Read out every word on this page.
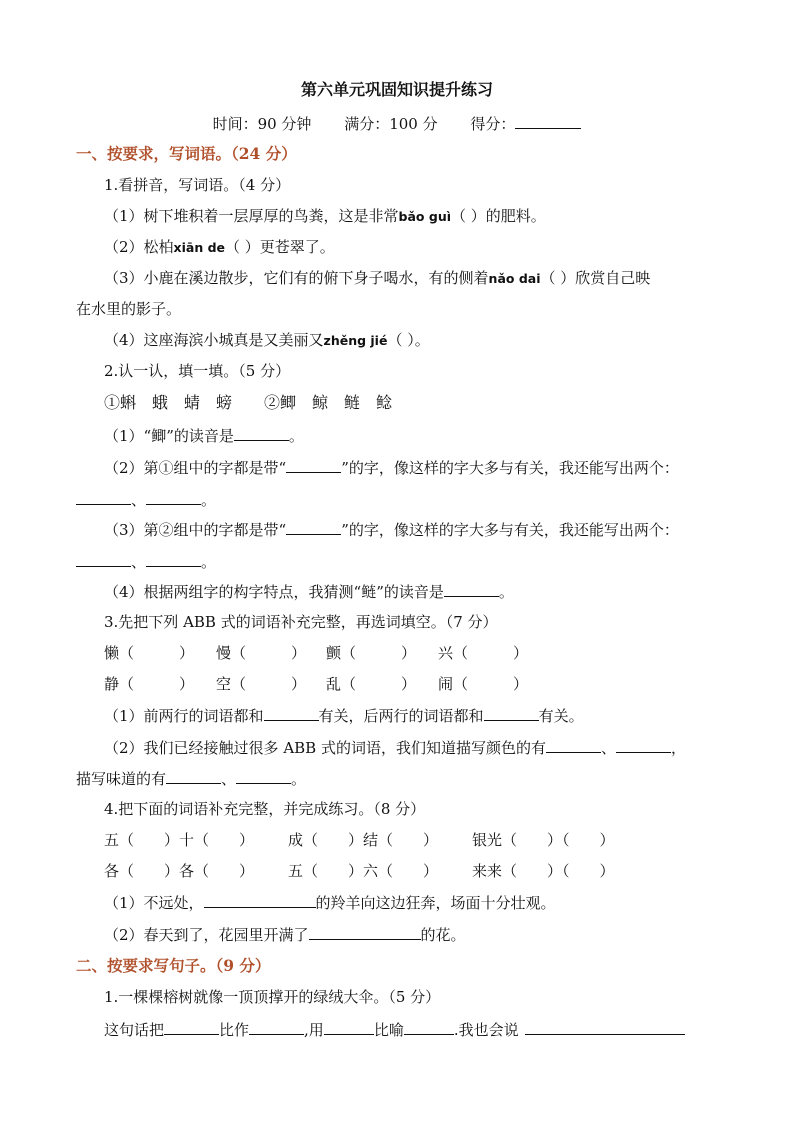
第六单元巩固知识提升练习
时间：90 分钟 满分：100 分 得分：
一、按要求，写词语。（24 分）
1.看拼音，写词语。（4 分）
（1）树下堆积着一层厚厚的鸟粪，这是非常bǎo guì（ ）的肥料。
（2）松柏xiān de（ ）更苍翠了。
（3）小鹿在溪边散步，它们有的俯下身子喝水，有的侧着nǎo dai（ ）欣赏自己映
在水里的影子。
（4）这座海滨小城真是又美丽又zhěng jié（ ）。
2.认一认，填一填。（5 分）
①蝌　蛾　蜻　螃　　②鲫　鲸　鲢　鲶
（1）“鲫”的读音是	。
（2）第①组中的字都是带“	”的字，像这样的字大多与有关，我还能写出两个：
、	。
（3）第②组中的字都是带“	”的字，像这样的字大多与有关，我还能写出两个：
、	。
（4）根据两组字的构字特点，我猜测“鲢”的读音是	。
3.先把下列 ABB 式的词语补充完整，再选词填空。（7 分）
懒（　　　） 慢（　　　） 颤（　　　） 兴（　　　）
静（　　　） 空（　　　） 乱（　　　） 闹（　　　）
（1）前两行的词语都和	有关，后两行的词语都和	有关。
（2）我们已经接触过很多 ABB 式的词语，我们知道描写颜色的有	、	，
描写味道的有	、	。
4.把下面的词语补充完整，并完成练习。（8 分）
五（　　）十（　　） 成（　　）结（　　） 银光（　　）（　　）
各（　　）各（　　） 五（　　）六（　　） 来来（　　）（　　）
（1）不远处，	的羚羊向这边狂奔，场面十分壮观。
（2）春天到了，花园里开满了	的花。
二、按要求写句子。（9 分）
1.一棵棵榕树就像一顶顶撑开的绿绒大伞。（5 分）
这句话把	比作	,用	比喻	.我也会说
